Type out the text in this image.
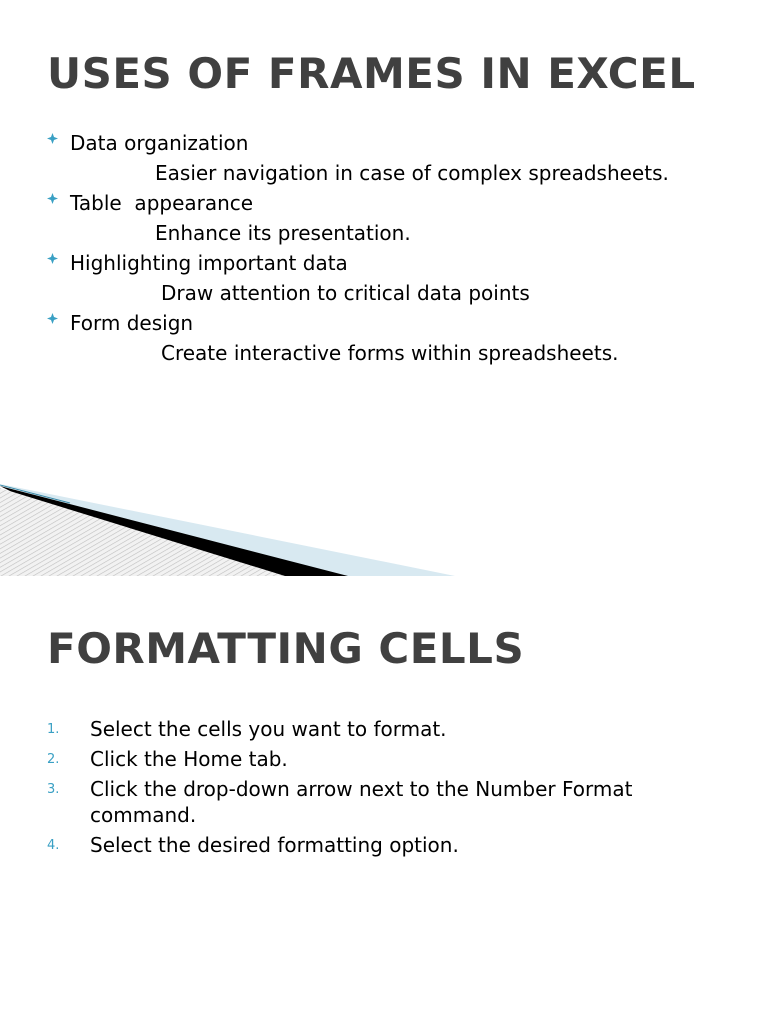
USES OF FRAMES IN EXCEL
Data organization
Easier navigation in case of complex spreadsheets.
Table  appearance
Enhance its presentation.
Highlighting important data
Draw attention to critical data points
Form design
Create interactive forms within spreadsheets.
FORMATTING CELLS
1. Select the cells you want to format.
2. Click the Home tab.
3. Click the drop-down arrow next to the Number Format command.
4. Select the desired formatting option.
